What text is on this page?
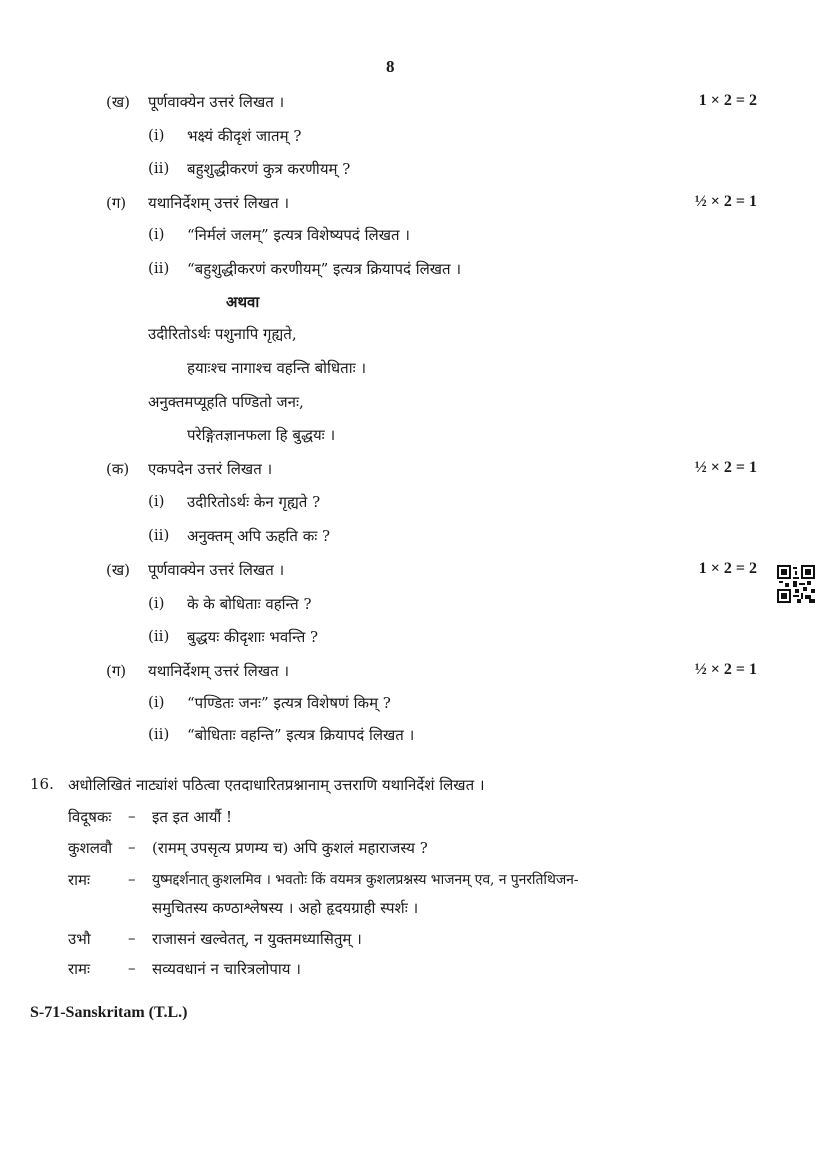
8
(ख) पूर्णवाक्येन उत्तरं लिखत ।	1 × 2 = 2
(i) भक्ष्यं कीदृशं जातम् ?
(ii) बहुशुद्धीकरणं कुत्र करणीयम् ?
(ग) यथानिर्देशम् उत्तरं लिखत ।	½ × 2 = 1
(i) “निर्मलं जलम्” इत्यत्र विशेष्यपदं लिखत ।
(ii) “बहुशुद्धीकरणं करणीयम्” इत्यत्र क्रियापदं लिखत ।
अथवा
उदीरितोऽर्थः पशुनापि गृह्यते,
हयाःश्च नागाश्च वहन्ति बोधिताः ।
अनुक्तमप्यूहति पण्डितो जनः,
परेङ्गितज्ञानफला हि बुद्धयः ।
(क) एकपदेन उत्तरं लिखत ।	½ × 2 = 1
(i) उदीरितोऽर्थः केन गृह्यते ?
(ii) अनुक्तम् अपि ऊहति कः ?
(ख) पूर्णवाक्येन उत्तरं लिखत ।	1 × 2 = 2
(i) के के बोधिताः वहन्ति ?
(ii) बुद्धयः कीदृशाः भवन्ति ?
(ग) यथानिर्देशम् उत्तरं लिखत ।	½ × 2 = 1
(i) “पण्डितः जनः” इत्यत्र विशेषणं किम् ?
(ii) “बोधिताः वहन्ति” इत्यत्र क्रियापदं लिखत ।
16. अधोलिखितं नाट्यांशं पठित्वा एतदाधारितप्रश्नानाम् उत्तराणि यथानिर्देशं लिखत ।
विदूषकः – इत इत आर्यौ !
कुशलवौ – (रामम् उपसृत्य प्रणम्य च) अपि कुशलं महाराजस्य ?
रामः	– युष्मद्दर्शनात् कुशलमिव । भवतोः किं वयमत्र कुशलप्रश्नस्य भाजनम् एव, न पुनरतिथिजन-
समुचितस्य कण्ठाश्लेषस्य । अहो हृदयग्राही स्पर्शः ।
उभौ – राजासनं खल्वेतत्, न युक्तमध्यासितुम् ।
रामः	– सव्यवधानं न चारित्रलोपाय ।
S-71-Sanskritam (T.L.)
